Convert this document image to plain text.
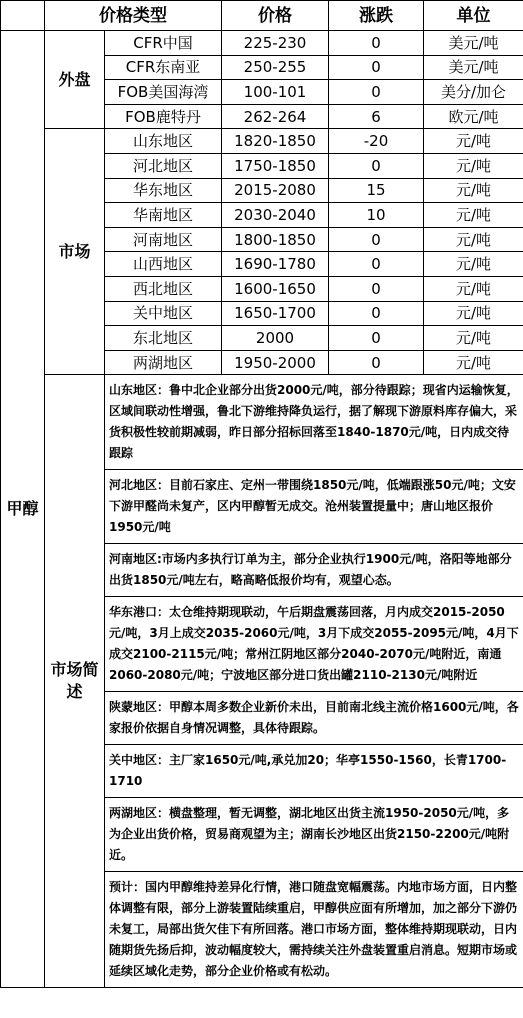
	价格类型		价格	涨跌	单位
甲醇	外盘	CFR中国	225-230	0	美元/吨
		CFR东南亚	250-255	0	美元/吨
		FOB美国海湾	100-101	0	美分/加仑
		FOB鹿特丹	262-264	6	欧元/吨
	市场	山东地区	1820-1850	-20	元/吨
		河北地区	1750-1850	0	元/吨
		华东地区	2015-2080	15	元/吨
		华南地区	2030-2040	10	元/吨
		河南地区	1800-1850	0	元/吨
		山西地区	1690-1780	0	元/吨
		西北地区	1600-1650	0	元/吨
		关中地区	1650-1700	0	元/吨
		东北地区	2000	0	元/吨
		两湖地区	1950-2000	0	元/吨
	市场简述	山东地区：鲁中北企业部分出货2000元/吨，部分待跟踪；现省内运输恢复，区域间联动性增强，鲁北下游维持降负运行，据了解现下游原料库存偏大，采货积极性较前期减弱，昨日部分招标回落至1840-1870元/吨，日内成交待跟踪			
		河北地区：目前石家庄、定州一带围绕1850元/吨，低端跟涨50元/吨；文安下游甲醛尚未复产，区内甲醇暂无成交。沧州装置提量中；唐山地区报价1950元/吨			
		河南地区:市场内多执行订单为主，部分企业执行1900元/吨，洛阳等地部分出货1850元/吨左右，略高略低报价均有，观望心态。			
		华东港口：太仓维持期现联动，午后期盘震荡回落，月内成交2015-2050元/吨，3月上成交2035-2060元/吨，3月下成交2055-2095元/吨，4月下成交2100-2115元/吨；常州江阴地区部分2040-2070元/吨附近，南通2060-2080元/吨；宁波地区部分进口货出罐2110-2130元/吨附近			
		陕蒙地区：甲醇本周多数企业新价未出，目前南北线主流价格1600元/吨，各家报价依据自身情况调整，具体待跟踪。			
		关中地区：主厂家1650元/吨,承兑加20；华亭1550-1560，长青1700-1710			
		两湖地区：横盘整理，暂无调整，湖北地区出货主流1950-2050元/吨，多为企业出货价格，贸易商观望为主；湖南长沙地区出货2150-2200元/吨附近。			
		预计：国内甲醇维持差异化行情，港口随盘宽幅震荡。内地市场方面，日内整体调整有限，部分上游装置陆续重启，甲醇供应面有所增加，加之部分下游仍未复工，局部出货欠佳下有所回落。港口市场方面，整体维持期现联动，日内随期货先扬后抑，波动幅度较大，需持续关注外盘装置重启消息。短期市场或延续区域化走势，部分企业价格或有松动。			
